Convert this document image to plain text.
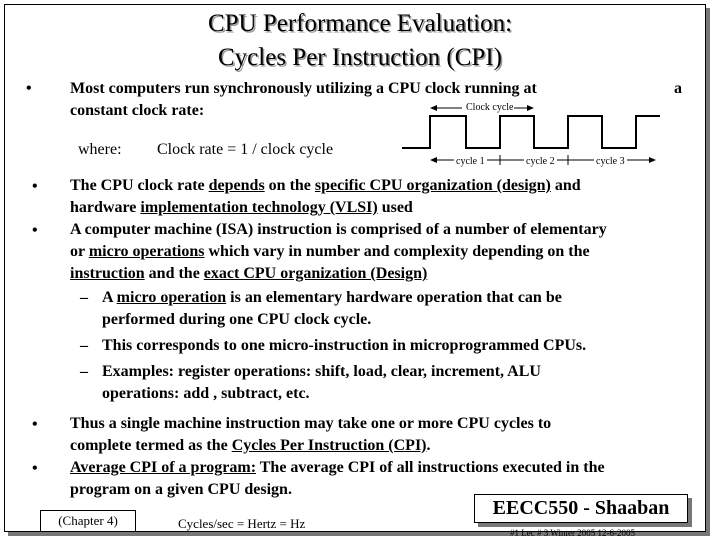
CPU Performance Evaluation:
Cycles Per Instruction (CPI)
• Most computers run synchronously utilizing a CPU clock running at	a
constant clock rate:
where: Clock rate = 1 / clock cycle
Clock cycle
cycle 1	cycle 2	cycle 3
• The CPU clock rate depends on the specific CPU organization (design) and
hardware implementation technology (VLSI) used
• A computer machine (ISA) instruction is comprised of a number of elementary
or micro operations which vary in number and complexity depending on the
instruction and the exact CPU organization (Design)
– A micro operation is an elementary hardware operation that can be
performed during one CPU clock cycle.
– This corresponds to one micro-instruction in microprogrammed CPUs.
– Examples: register operations: shift, load, clear, increment, ALU
operations: add , subtract, etc.
• Thus a single machine instruction may take one or more CPU cycles to
complete termed as the Cycles Per Instruction (CPI).
• Average CPI of a program: The average CPI of all instructions executed in the
program on a given CPU design.
(Chapter 4)	Cycles/sec = Hertz = Hz
EECC550 - Shaaban
#1 Lec # 3 Winter 2005 12-6-2005
